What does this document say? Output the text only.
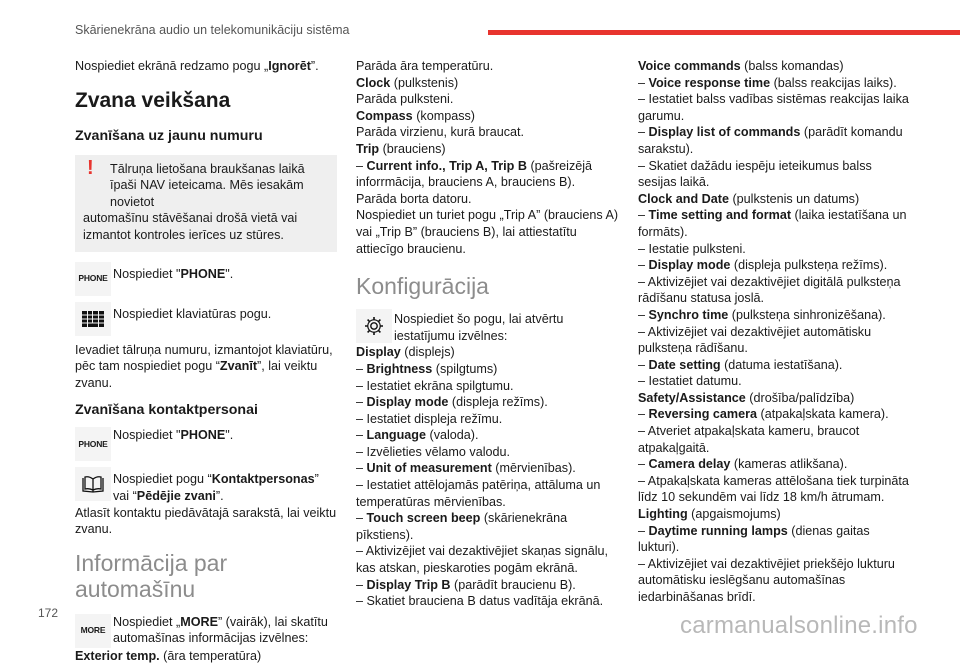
Skārienekrāna audio un telekomunikāciju sistēma

Nospiediet ekrānā redzamo pogu „Ignorēt”.

Zvana veikšana
Zvanīšana uz jaunu numuru
!	Tālruņa lietošana braukšanas laikā īpaši NAV ieteicama. Mēs iesakām novietot
automašīnu stāvēšanai drošā vietā vai izmantot kontroles ierīces uz stūres.
PHONE Nospiediet "PHONE".
Nospiediet klaviatūras pogu.

Ievadiet tālruņa numuru, izmantojot klaviatūru, pēc tam nospiediet pogu “Zvanīt”, lai veiktu zvanu.

Zvanīšana kontaktpersonai
PHONE
Nospiediet "PHONE".
Nospiediet pogu “Kontaktpersonas” vai “Pēdējie zvani”.

Atlasīt kontaktu piedāvātajā sarakstā, lai veiktu zvanu.

Informācija par automašīnu
MORE
Nospiediet „MORE” (vairāk), lai skatītu automašīnas informācijas izvēlnes:

Exterior temp. (āra temperatūra)

Parāda āra temperatūru.

Clock (pulkstenis)

Parāda pulksteni.

Compass (kompass)

Parāda virzienu, kurā braucat.

Trip (brauciens)

– Current info., Trip A, Trip B (pašreizējā inforrmācija, brauciens A, brauciens B).

Parāda borta datoru.

Nospiediet un turiet pogu „Trip A” (brauciens A) vai „Trip B” (brauciens B), lai attiestatītu attiecīgo braucienu.

Konfigurācija
Nospiediet šo pogu, lai atvērtu iestatījumu izvēlnes:

Display (displejs)

– Brightness (spilgtums)

– Iestatiet ekrāna spilgtumu.

– Display mode (displeja režīms).

– Iestatiet displeja režīmu.

– Language (valoda).

– Izvēlieties vēlamo valodu.

– Unit of measurement (mērvienības).

– Iestatiet attēlojamās patēriņa, attāluma un temperatūras mērvienības.

– Touch screen beep (skārienekrāna pīkstiens).

– Aktivizējiet vai dezaktivējiet skaņas signālu, kas atskan, pieskaroties pogām ekrānā.

– Display Trip B (parādīt braucienu B).

– Skatiet brauciena B datus vadītāja ekrānā.

Voice commands (balss komandas)

– Voice response time (balss reakcijas laiks).

– Iestatiet balss vadības sistēmas reakcijas laika garumu.

– Display list of commands (parādīt komandu sarakstu).

– Skatiet dažādu iespēju ieteikumus balss sesijas laikā.

Clock and Date (pulkstenis un datums)

– Time setting and format (laika iestatīšana un formāts).

– Iestatie pulksteni.

– Display mode (displeja pulksteņa režīms).

– Aktivizējiet vai dezaktivējiet digitālā pulksteņa rādīšanu statusa joslā.

– Synchro time (pulksteņa sinhronizēšana).

– Aktivizējiet vai dezaktivējiet automātisku pulksteņa rādīšanu.

– Date setting (datuma iestatīšana).

– Iestatiet datumu.

Safety/Assistance (drošība/palīdzība)

– Reversing camera (atpakaļskata kamera).

– Atveriet atpakaļskata kameru, braucot atpakaļgaitā.

– Camera delay (kameras atlikšana).

– Atpakaļskata kameras attēlošana tiek turpināta līdz 10 sekundēm vai līdz 18 km/h ātrumam.

Lighting (apgaismojums)

– Daytime running lamps (dienas gaitas lukturi).

– Aktivizējiet vai dezaktivējiet priekšējo lukturu automātisku ieslēgšanu automašīnas iedarbināšanas brīdī.

172	carmanualsonline.info
